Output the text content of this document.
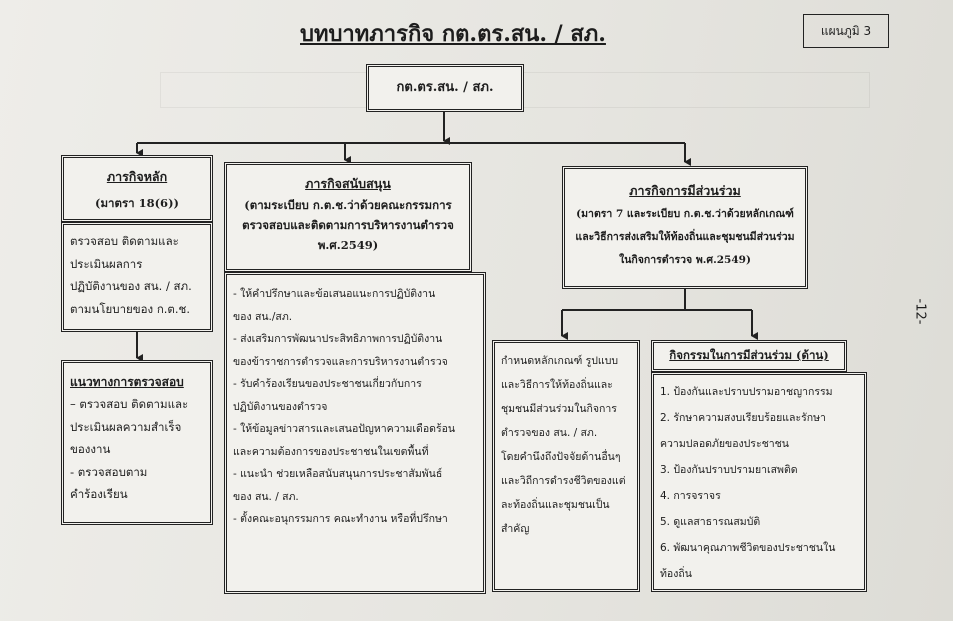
บทบาทภารกิจ กต.ตร.สน. / สภ.	แผนภูมิ 3
-12-
กต.ตร.สน. / สภ.
ภารกิจหลัก
(มาตรา 18(6))
ตรวจสอบ ติดตามและ
ประเมินผลการ
ปฏิบัติงานของ สน. / สภ.
ตามนโยบายของ ก.ต.ช.
แนวทางการตรวจสอบ
– ตรวจสอบ ติดตามและ
ประเมินผลความสำเร็จ
ของงาน
- ตรวจสอบตาม
คำร้องเรียน
ภารกิจสนับสนุน
(ตามระเบียบ ก.ต.ช.ว่าด้วยคณะกรรมการ
ตรวจสอบและติดตามการบริหารงานตำรวจ
พ.ศ.2549)
- ให้คำปรึกษาและข้อเสนอแนะการปฏิบัติงาน
ของ สน./สภ.
- ส่งเสริมการพัฒนาประสิทธิภาพการปฏิบัติงาน
ของข้าราชการตำรวจและการบริหารงานตำรวจ
- รับคำร้องเรียนของประชาชนเกี่ยวกับการ
ปฏิบัติงานของตำรวจ
- ให้ข้อมูลข่าวสารและเสนอปัญหาความเดือดร้อน
และความต้องการของประชาชนในเขตพื้นที่
- แนะนำ ช่วยเหลือสนับสนุนการประชาสัมพันธ์
ของ สน. / สภ.
- ตั้งคณะอนุกรรมการ คณะทำงาน หรือที่ปรึกษา
ภารกิจการมีส่วนร่วม
(มาตรา 7 และระเบียบ ก.ต.ช.ว่าด้วยหลักเกณฑ์
และวิธีการส่งเสริมให้ท้องถิ่นและชุมชนมีส่วนร่วม
ในกิจการตำรวจ พ.ศ.2549)
กำหนดหลักเกณฑ์ รูปแบบ
และวิธีการให้ท้องถิ่นและ
ชุมชนมีส่วนร่วมในกิจการ
ตำรวจของ สน. / สภ.
โดยคำนึงถึงปัจจัยด้านอื่นๆ
และวิถีการดำรงชีวิตของแต่
ละท้องถิ่นและชุมชนเป็น
สำคัญ
กิจกรรมในการมีส่วนร่วม (ด้าน)
1. ป้องกันและปราบปรามอาชญากรรม
2. รักษาความสงบเรียบร้อยและรักษา
ความปลอดภัยของประชาชน
3. ป้องกันปราบปรามยาเสพติด
4. การจราจร
5. ดูแลสาธารณสมบัติ
6. พัฒนาคุณภาพชีวิตของประชาชนใน
ท้องถิ่น
